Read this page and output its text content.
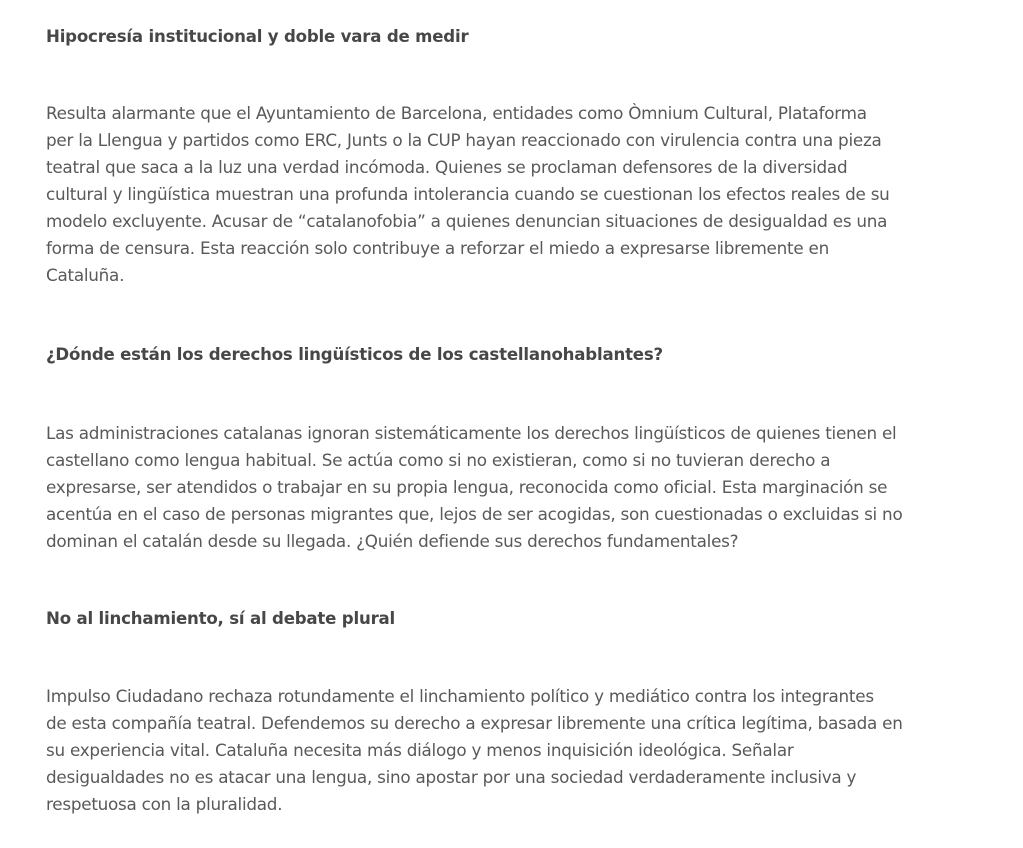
Hipocresía institucional y doble vara de medir

Resulta alarmante que el Ayuntamiento de Barcelona, entidades como Òmnium Cultural, Plataforma
per la Llengua y partidos como ERC, Junts o la CUP hayan reaccionado con virulencia contra una pieza
teatral que saca a la luz una verdad incómoda. Quienes se proclaman defensores de la diversidad
cultural y lingüística muestran una profunda intolerancia cuando se cuestionan los efectos reales de su
modelo excluyente. Acusar de “catalanofobia” a quienes denuncian situaciones de desigualdad es una
forma de censura. Esta reacción solo contribuye a reforzar el miedo a expresarse libremente en
Cataluña.

¿Dónde están los derechos lingüísticos de los castellanohablantes?

Las administraciones catalanas ignoran sistemáticamente los derechos lingüísticos de quienes tienen el
castellano como lengua habitual. Se actúa como si no existieran, como si no tuvieran derecho a
expresarse, ser atendidos o trabajar en su propia lengua, reconocida como oficial. Esta marginación se
acentúa en el caso de personas migrantes que, lejos de ser acogidas, son cuestionadas o excluidas si no
dominan el catalán desde su llegada. ¿Quién defiende sus derechos fundamentales?

No al linchamiento, sí al debate plural

Impulso Ciudadano rechaza rotundamente el linchamiento político y mediático contra los integrantes
de esta compañía teatral. Defendemos su derecho a expresar libremente una crítica legítima, basada en
su experiencia vital. Cataluña necesita más diálogo y menos inquisición ideológica. Señalar
desigualdades no es atacar una lengua, sino apostar por una sociedad verdaderamente inclusiva y
respetuosa con la pluralidad.
